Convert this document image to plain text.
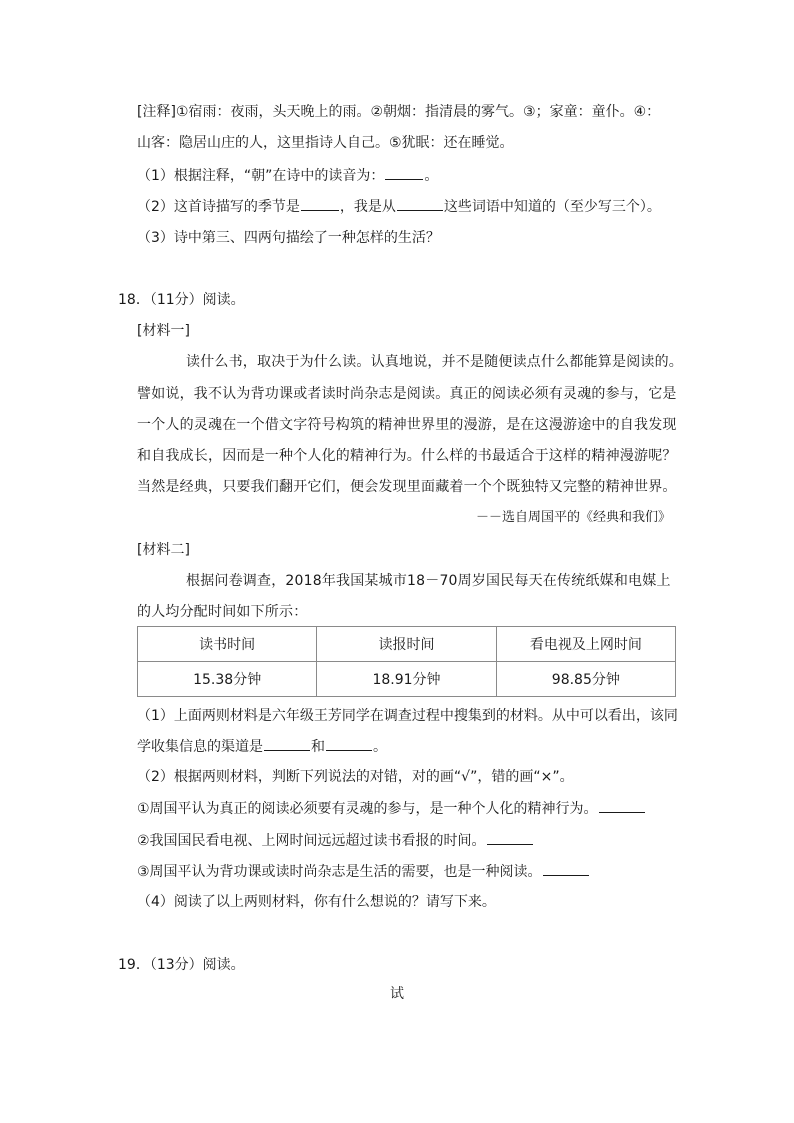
[注释]①宿雨：夜雨，头天晚上的雨。②朝烟：指清晨的雾气。③；家童：童仆。④：
山客：隐居山庄的人，这里指诗人自己。⑤犹眠：还在睡觉。
（1）根据注释，“朝”在诗中的读音为：	。
（2）这首诗描写的季节是	，我是从	这些词语中知道的（至少写三个）。
（3）诗中第三、四两句描绘了一种怎样的生活？
18．（11分）阅读。
[材料一]
读什么书，取决于为什么读。认真地说，并不是随便读点什么都能算是阅读的。
譬如说，我不认为背功课或者读时尚杂志是阅读。真正的阅读必须有灵魂的参与，它是
一个人的灵魂在一个借文字符号构筑的精神世界里的漫游，是在这漫游途中的自我发现
和自我成长，因而是一种个人化的精神行为。什么样的书最适合于这样的精神漫游呢？
当然是经典，只要我们翻开它们，便会发现里面藏着一个个既独特又完整的精神世界。
－－选自周国平的《经典和我们》
[材料二]
根据问卷调查，2018年我国某城市18－70周岁国民每天在传统纸媒和电媒上
的人均分配时间如下所示：
读书时间	读报时间	看电视及上网时间
15.38分钟	18.91分钟	98.85分钟
（1）上面两则材料是六年级王芳同学在调查过程中搜集到的材料。从中可以看出，该同
学收集信息的渠道是	和	。
（2）根据两则材料，判断下列说法的对错，对的画“√”，错的画“×”。
①周国平认为真正的阅读必须要有灵魂的参与，是一种个人化的精神行为。
②我国国民看电视、上网时间远远超过读书看报的时间。
③周国平认为背功课或读时尚杂志是生活的需要，也是一种阅读。
（4）阅读了以上两则材料，你有什么想说的？请写下来。
19．（13分）阅读。
试
